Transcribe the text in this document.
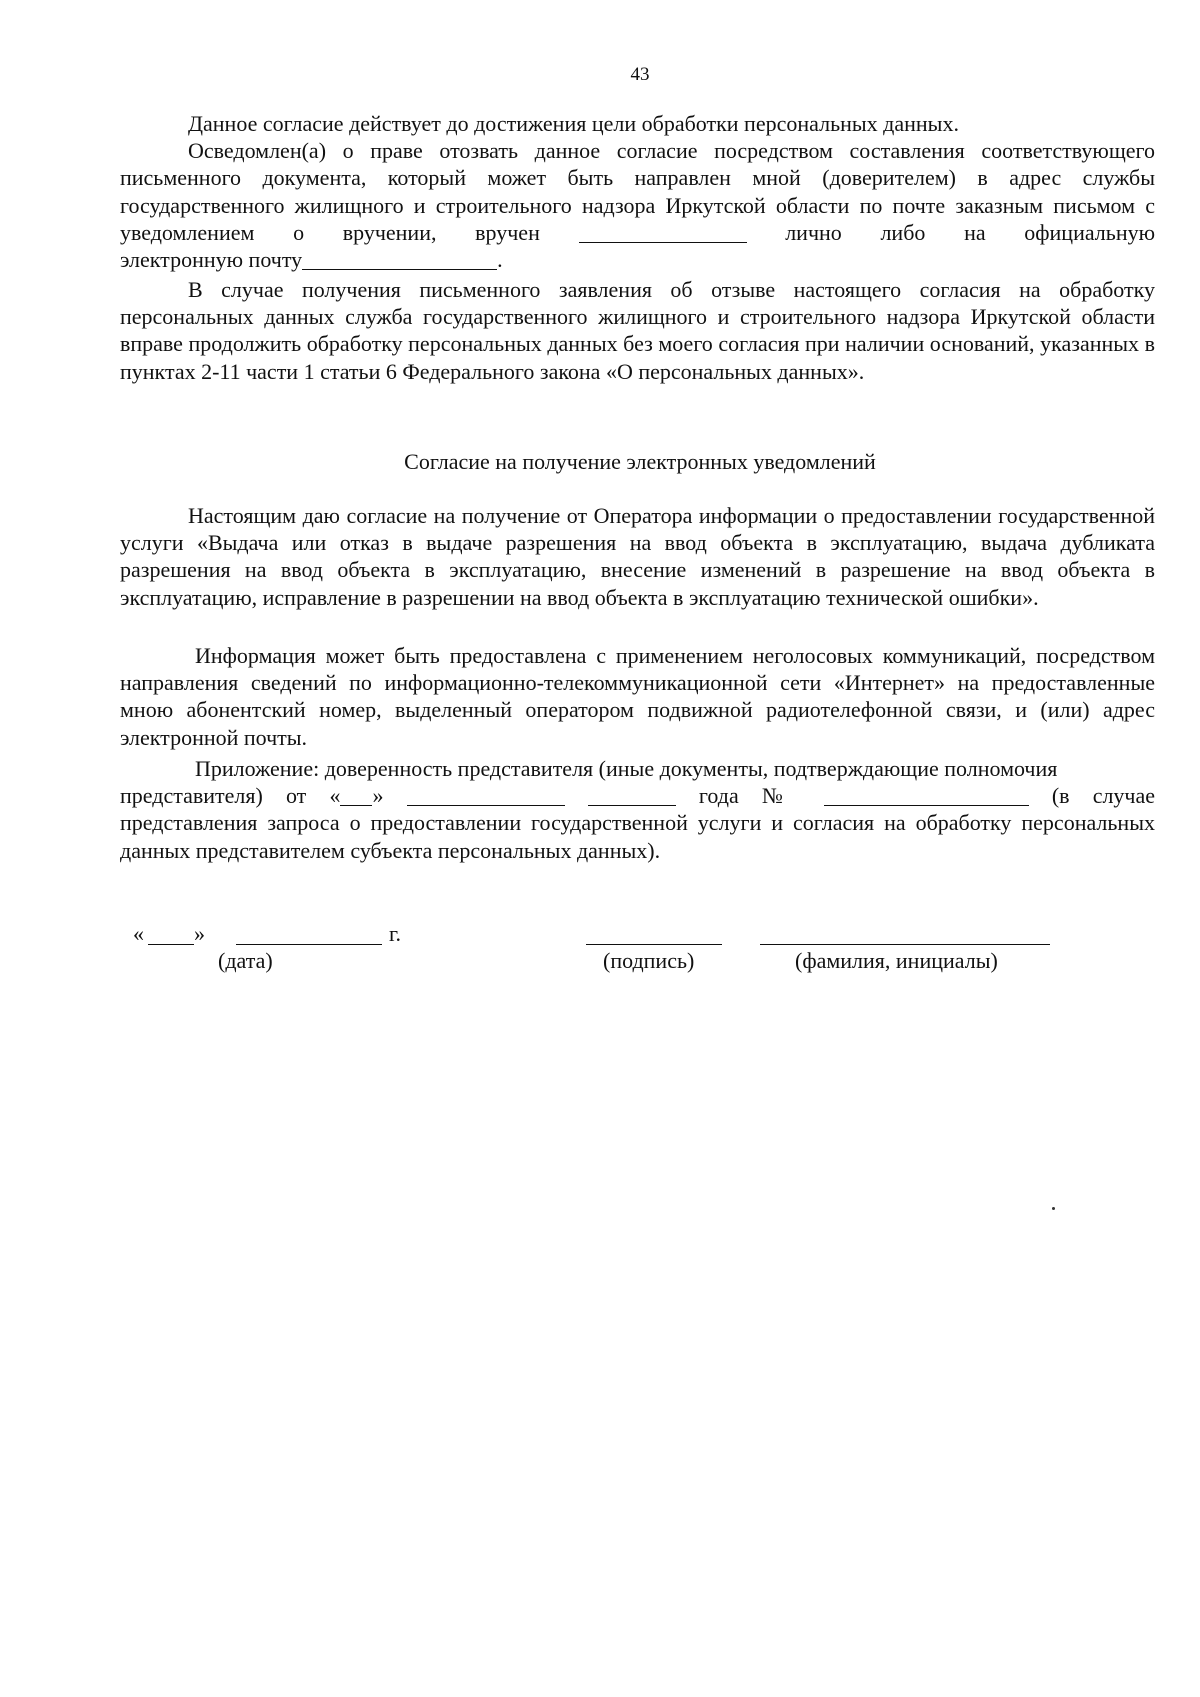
43

Данное согласие действует до достижения цели обработки персональных данных.

Осведомлен(а) о праве отозвать данное согласие посредством составления соответствующего письменного документа, который может быть направлен мной (доверителем) в адрес службы государственного жилищного и строительного надзора Иркутской области по почте заказным письмом с уведомлением о вручении, вручен	лично либо на официальную

электронную почту	.

В случае получения письменного заявления об отзыве настоящего согласия на обработку персональных данных служба государственного жилищного и строительного надзора Иркутской области вправе продолжить обработку персональных данных без моего согласия при наличии оснований, указанных в пунктах 2-11 части 1 статьи 6 Федерального закона «О персональных данных».

Согласие на получение электронных уведомлений

Настоящим даю согласие на получение от Оператора информации о предоставлении государственной услуги «Выдача или отказ в выдаче разрешения на ввод объекта в эксплуатацию, выдача дубликата разрешения на ввод объекта в эксплуатацию, внесение изменений в разрешение на ввод объекта в эксплуатацию, исправление в разрешении на ввод объекта в эксплуатацию технической ошибки».

Информация может быть предоставлена с применением неголосовых коммуникаций, посредством направления сведений по информационно-телекоммуникационной сети «Интернет» на предоставленные мною абонентский номер, выделенный оператором подвижной радиотелефонной связи, и (или) адрес электронной почты.

Приложение: доверенность представителя (иные документы, подтверждающие полномочия

представителя) от « »	года №	(в случае

представления запроса о предоставлении государственной услуги и согласия на обработку персональных данных представителем субъекта персональных данных).

« »	г.
(дата)	(подпись)	(фамилия, инициалы)
